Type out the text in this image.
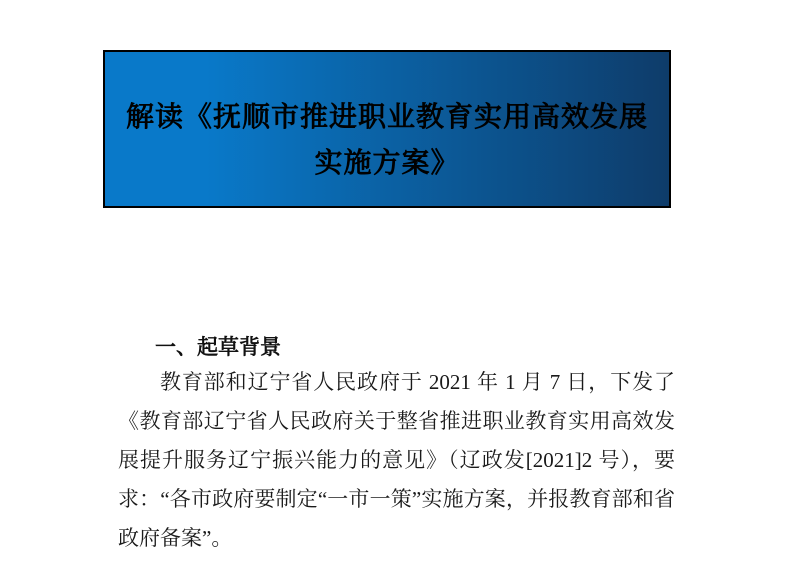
解读《抚顺市推进职业教育实用高效发展
实施方案》
一、起草背景

教育部和辽宁省人民政府于 2021 年 1 月 7 日，下发了《教育部辽宁省人民政府关于整省推进职业教育实用高效发展提升服务辽宁振兴能力的意见》（辽政发[2021]2 号），要求：“各市政府要制定“一市一策”实施方案，并报教育部和省政府备案”。
